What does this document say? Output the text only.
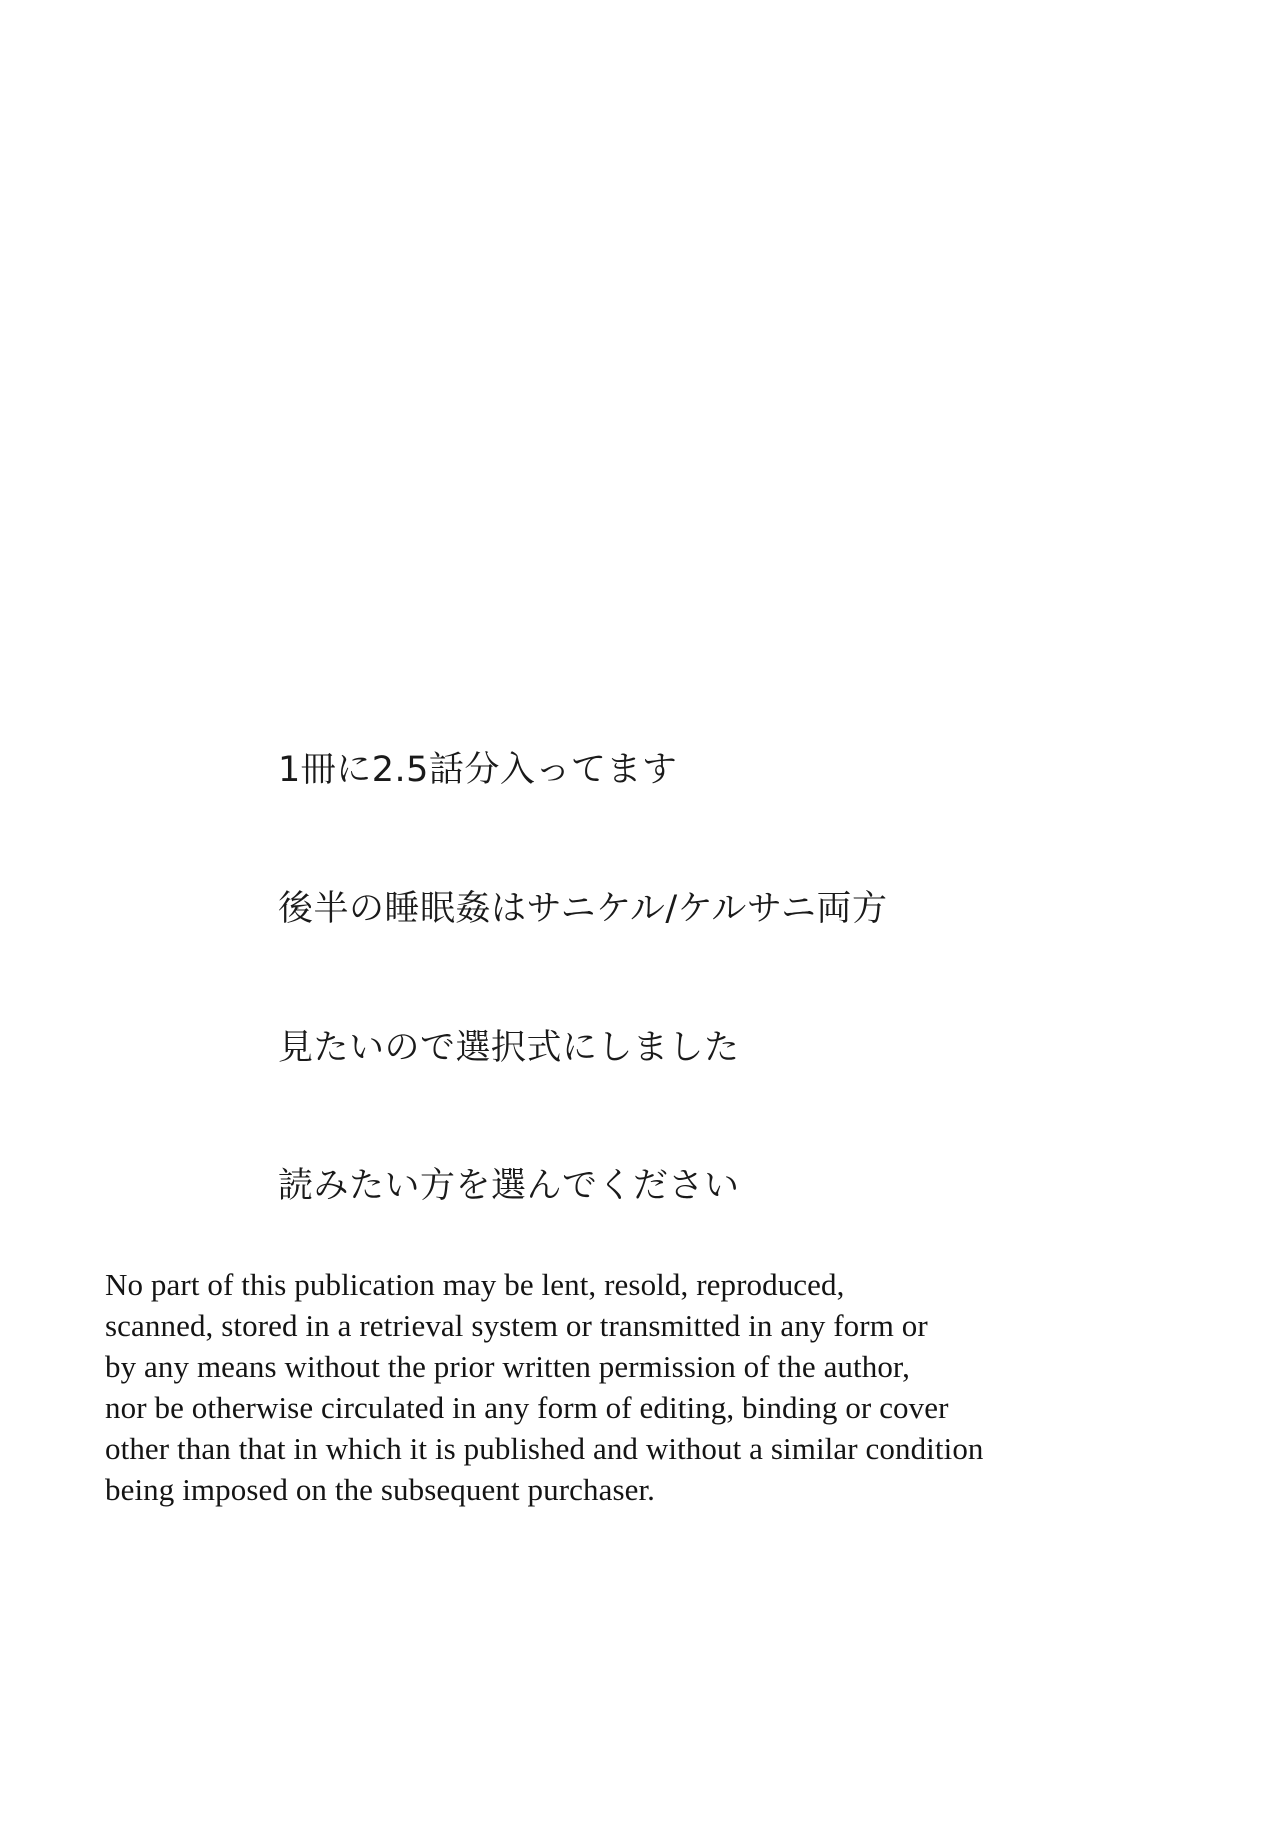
1冊に2.5話分入ってます

後半の睡眠姦はサニケル/ケルサニ両方

見たいので選択式にしました

読みたい方を選んでください

No part of this publication may be lent, resold, reproduced,
scanned, stored in a retrieval system or transmitted in any form or
by any means without the prior written permission of the author,
nor be otherwise circulated in any form of editing, binding or cover
other than that in which it is published and without a similar condition
being imposed on the subsequent purchaser.
